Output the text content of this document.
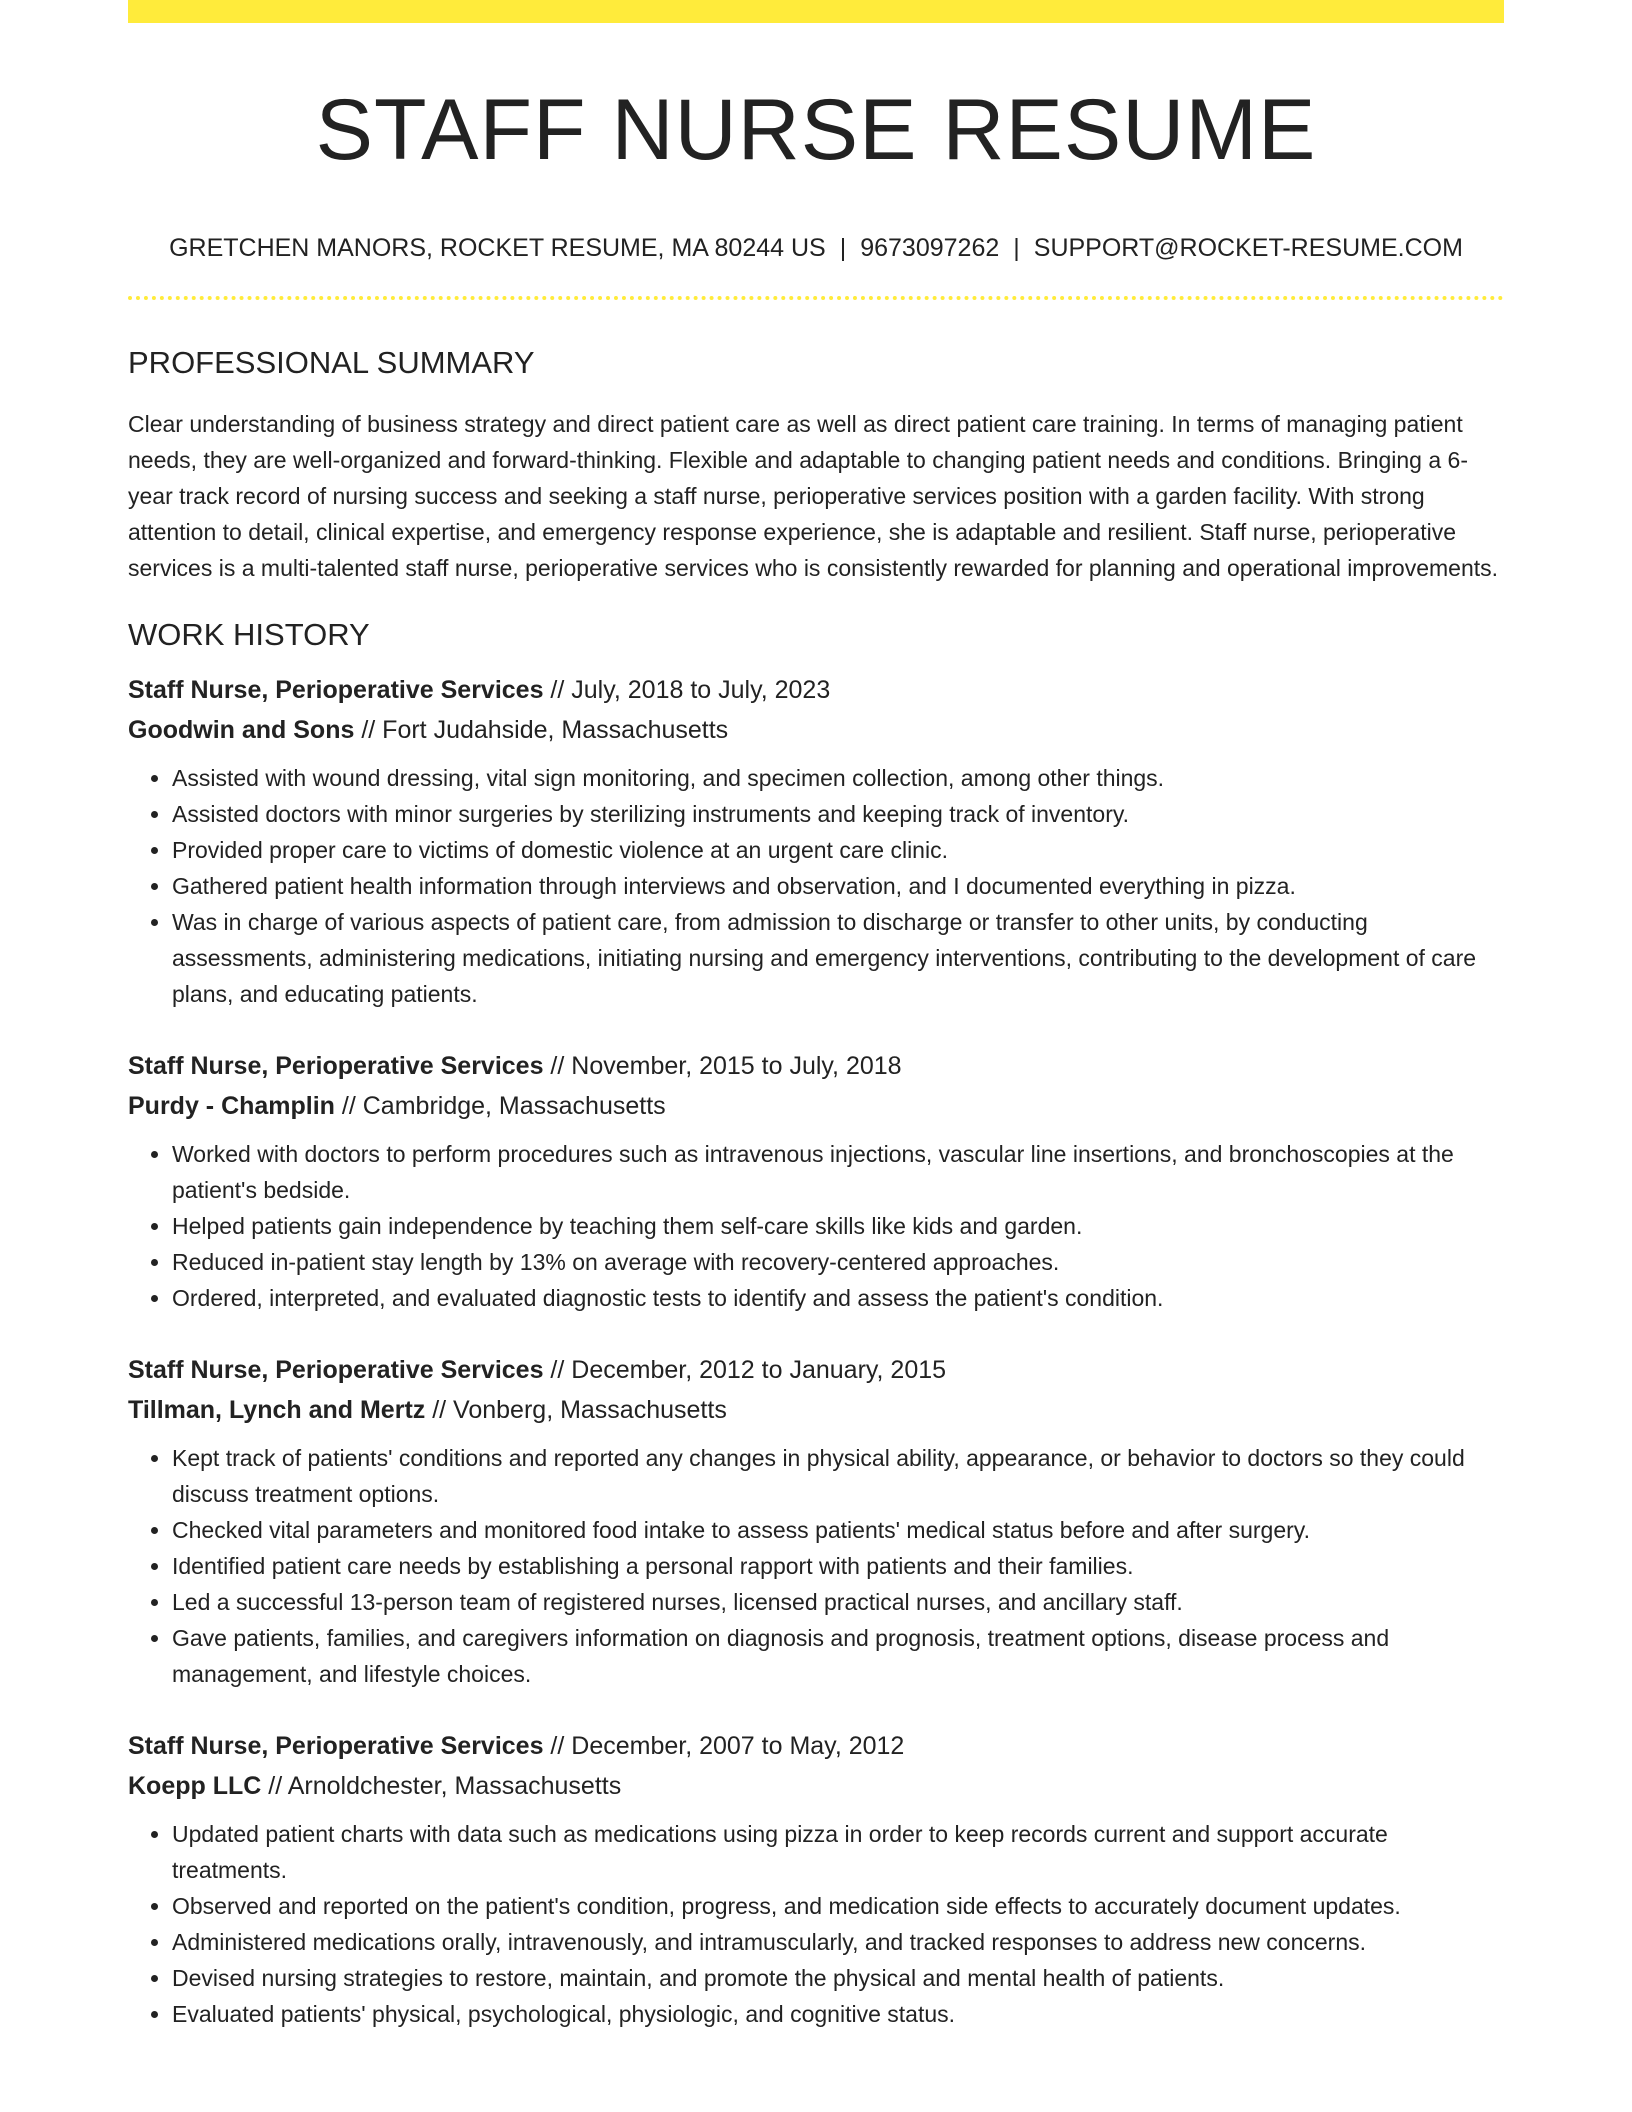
STAFF NURSE RESUME
GRETCHEN MANORS, ROCKET RESUME, MA 80244 US | 9673097262 | SUPPORT@ROCKET-RESUME.COM
PROFESSIONAL SUMMARY

Clear understanding of business strategy and direct patient care as well as direct patient care training. In terms of managing patient needs, they are well-organized and forward-thinking. Flexible and adaptable to changing patient needs and conditions. Bringing a 6-year track record of nursing success and seeking a staff nurse, perioperative services position with a garden facility. With strong attention to detail, clinical expertise, and emergency response experience, she is adaptable and resilient. Staff nurse, perioperative services is a multi-talented staff nurse, perioperative services who is consistently rewarded for planning and operational improvements.

WORK HISTORY
Staff Nurse, Perioperative Services // July, 2018 to July, 2023
Goodwin and Sons // Fort Judahside, Massachusetts
• Assisted with wound dressing, vital sign monitoring, and specimen collection, among other things.
• Assisted doctors with minor surgeries by sterilizing instruments and keeping track of inventory.
• Provided proper care to victims of domestic violence at an urgent care clinic.
• Gathered patient health information through interviews and observation, and I documented everything in pizza.
• Was in charge of various aspects of patient care, from admission to discharge or transfer to other units, by conducting assessments, administering medications, initiating nursing and emergency interventions, contributing to the development of care plans, and educating patients.
Staff Nurse, Perioperative Services // November, 2015 to July, 2018
Purdy - Champlin // Cambridge, Massachusetts
• Worked with doctors to perform procedures such as intravenous injections, vascular line insertions, and bronchoscopies at the patient's bedside.
• Helped patients gain independence by teaching them self-care skills like kids and garden.
• Reduced in-patient stay length by 13% on average with recovery-centered approaches.
• Ordered, interpreted, and evaluated diagnostic tests to identify and assess the patient's condition.
Staff Nurse, Perioperative Services // December, 2012 to January, 2015
Tillman, Lynch and Mertz // Vonberg, Massachusetts
• Kept track of patients' conditions and reported any changes in physical ability, appearance, or behavior to doctors so they could discuss treatment options.
• Checked vital parameters and monitored food intake to assess patients' medical status before and after surgery.
• Identified patient care needs by establishing a personal rapport with patients and their families.
• Led a successful 13-person team of registered nurses, licensed practical nurses, and ancillary staff.
• Gave patients, families, and caregivers information on diagnosis and prognosis, treatment options, disease process and management, and lifestyle choices.
Staff Nurse, Perioperative Services // December, 2007 to May, 2012
Koepp LLC // Arnoldchester, Massachusetts
• Updated patient charts with data such as medications using pizza in order to keep records current and support accurate treatments.
• Observed and reported on the patient's condition, progress, and medication side effects to accurately document updates.
• Administered medications orally, intravenously, and intramuscularly, and tracked responses to address new concerns.
• Devised nursing strategies to restore, maintain, and promote the physical and mental health of patients.
• Evaluated patients' physical, psychological, physiologic, and cognitive status.
